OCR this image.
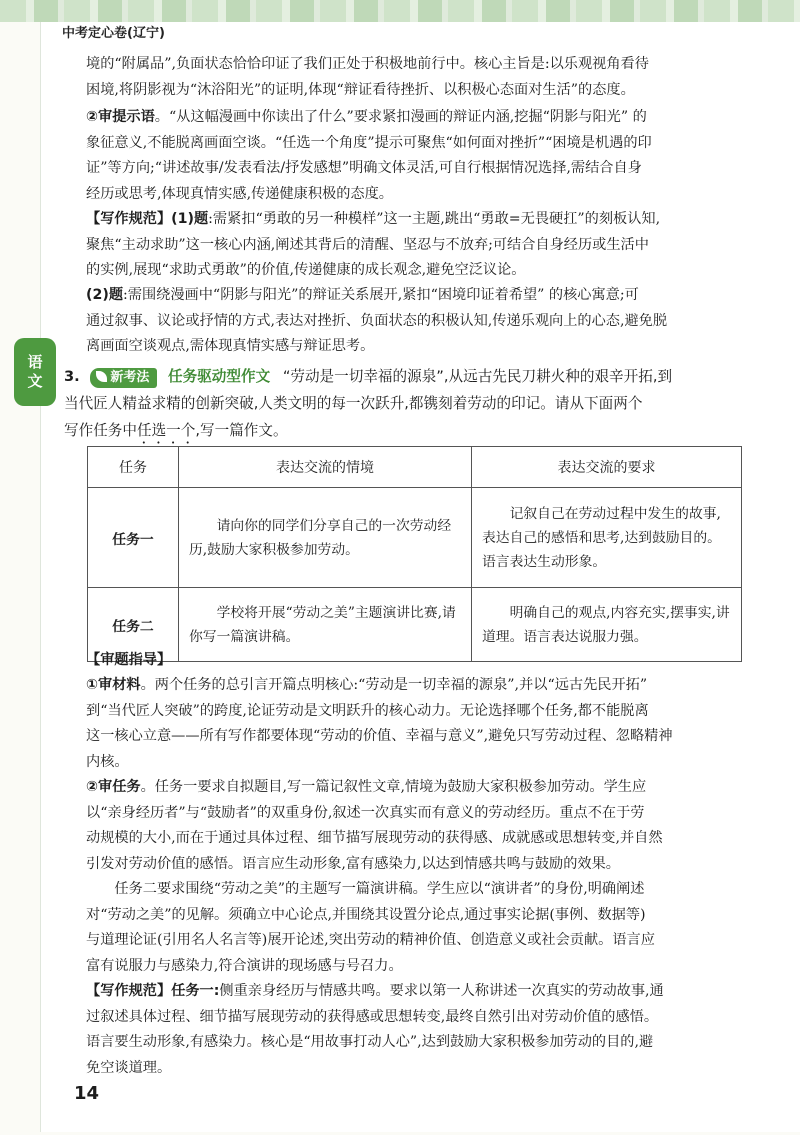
中考定心卷(辽宁)
语
文
境的“附属品”,负面状态恰恰印证了我们正处于积极地前行中。核心主旨是:以乐观视角看待
困境,将阴影视为“沐浴阳光”的证明,体现“辩证看待挫折、以积极心态面对生活”的态度。
②审提示语。“从这幅漫画中你读出了什么”要求紧扣漫画的辩证内涵,挖掘“阴影与阳光” 的
象征意义,不能脱离画面空谈。“任选一个角度”提示可聚焦“如何面对挫折”“困境是机遇的印
证”等方向;“讲述故事/发表看法/抒发感想”明确文体灵活,可自行根据情况选择,需结合自身
经历或思考,体现真情实感,传递健康积极的态度。
【写作规范】(1)题:需紧扣“勇敢的另一种模样”这一主题,跳出“勇敢=无畏硬扛”的刻板认知,
聚焦“主动求助”这一核心内涵,阐述其背后的清醒、坚忍与不放弃;可结合自身经历或生活中
的实例,展现“求助式勇敢”的价值,传递健康的成长观念,避免空泛议论。
(2)题:需围绕漫画中“阴影与阳光”的辩证关系展开,紧扣“困境印证着希望” 的核心寓意;可
通过叙事、议论或抒情的方式,表达对挫折、负面状态的积极认知,传递乐观向上的心态,避免脱
离画面空谈观点,需体现真情实感与辩证思考。
3. 新考法 任务驱动型作文 “劳动是一切幸福的源泉”,从远古先民刀耕火种的艰辛开拓,到
当代匠人精益求精的创新突破,人类文明的每一次跃升,都镌刻着劳动的印记。请从下面两个
写作任务中任选一个,写一篇作文。
任务	表达交流的情境	表达交流的要求
任务一	请向你的同学们分享自己的一次劳动经历,鼓励大家积极参加劳动。	记叙自己在劳动过程中发生的故事,表达自己的感悟和思考,达到鼓励目的。语言表达生动形象。
任务二	学校将开展“劳动之美”主题演讲比赛,请你写一篇演讲稿。	明确自己的观点,内容充实,摆事实,讲道理。语言表达说服力强。
【审题指导】
①审材料。两个任务的总引言开篇点明核心:“劳动是一切幸福的源泉”,并以“远古先民开拓”
到“当代匠人突破”的跨度,论证劳动是文明跃升的核心动力。无论选择哪个任务,都不能脱离
这一核心立意——所有写作都要体现“劳动的价值、幸福与意义”,避免只写劳动过程、忽略精神
内核。
②审任务。任务一要求自拟题目,写一篇记叙性文章,情境为鼓励大家积极参加劳动。学生应
以“亲身经历者”与“鼓励者”的双重身份,叙述一次真实而有意义的劳动经历。重点不在于劳
动规模的大小,而在于通过具体过程、细节描写展现劳动的获得感、成就感或思想转变,并自然
引发对劳动价值的感悟。语言应生动形象,富有感染力,以达到情感共鸣与鼓励的效果。
　　任务二要求围绕“劳动之美”的主题写一篇演讲稿。学生应以“演讲者”的身份,明确阐述
对“劳动之美”的见解。须确立中心论点,并围绕其设置分论点,通过事实论据(事例、数据等)
与道理论证(引用名人名言等)展开论述,突出劳动的精神价值、创造意义或社会贡献。语言应
富有说服力与感染力,符合演讲的现场感与号召力。
【写作规范】任务一:侧重亲身经历与情感共鸣。要求以第一人称讲述一次真实的劳动故事,通
过叙述具体过程、细节描写展现劳动的获得感或思想转变,最终自然引出对劳动价值的感悟。
语言要生动形象,有感染力。核心是“用故事打动人心”,达到鼓励大家积极参加劳动的目的,避
免空谈道理。
14
